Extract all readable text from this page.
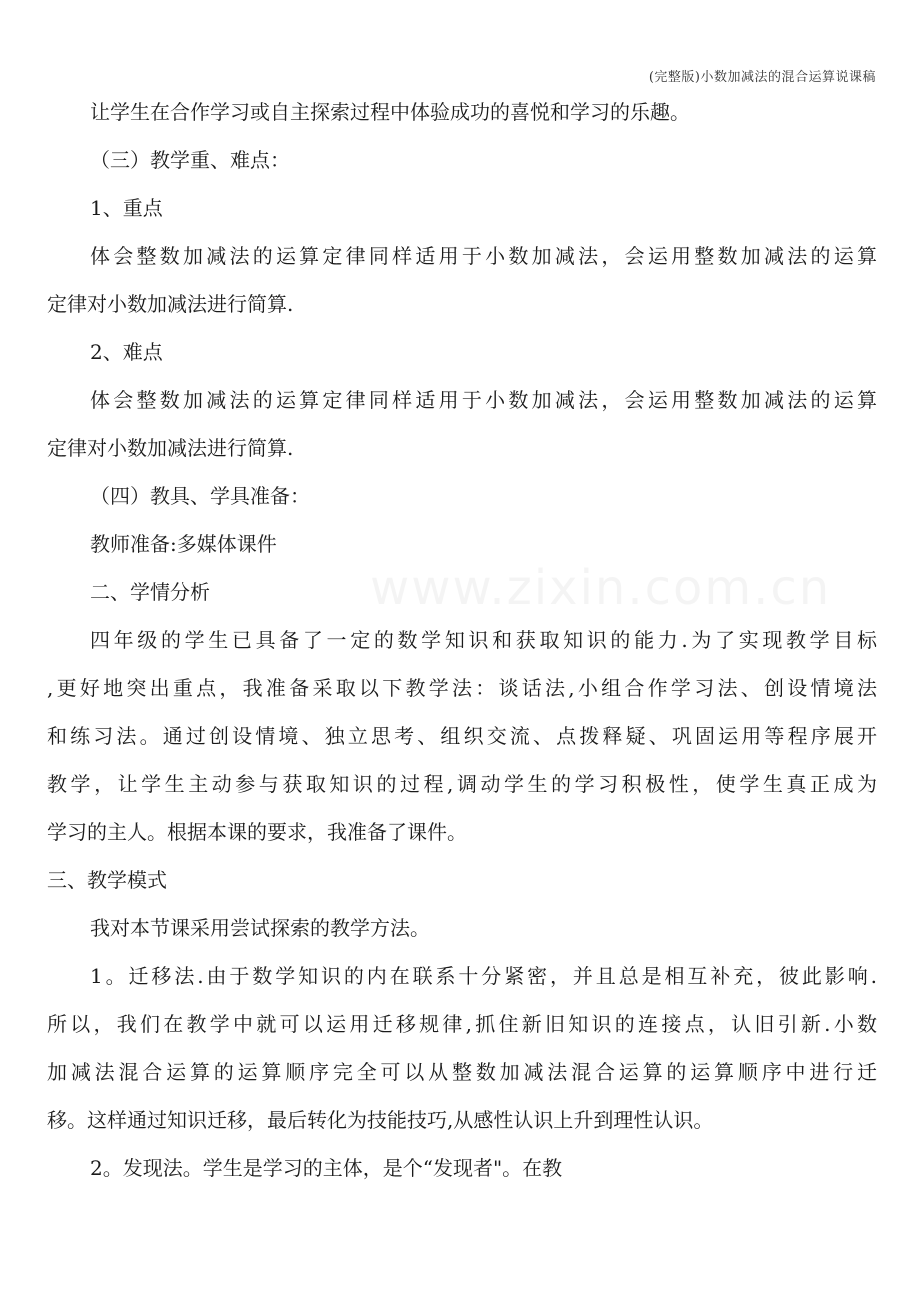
(完整版)小数加减法的混合运算说课稿
让学生在合作学习或自主探索过程中体验成功的喜悦和学习的乐趣。
（三）教学重、难点：
1、重点
体会整数加减法的运算定律同样适用于小数加减法，会运用整数加减法的运算
定律对小数加减法进行简算.
2、难点
体会整数加减法的运算定律同样适用于小数加减法，会运用整数加减法的运算
定律对小数加减法进行简算.
（四）教具、学具准备：
教师准备:多媒体课件
二、学情分析
四年级的学生已具备了一定的数学知识和获取知识的能力.为了实现教学目标
,更好地突出重点，我准备采取以下教学法：谈话法,小组合作学习法、创设情境法
和练习法。通过创设情境、独立思考、组织交流、点拨释疑、巩固运用等程序展开
教学，让学生主动参与获取知识的过程,调动学生的学习积极性，使学生真正成为
学习的主人。根据本课的要求，我准备了课件。
三、教学模式
我对本节课采用尝试探索的教学方法。
1。迁移法.由于数学知识的内在联系十分紧密，并且总是相互补充，彼此影响.
所以，我们在教学中就可以运用迁移规律,抓住新旧知识的连接点，认旧引新.小数
加减法混合运算的运算顺序完全可以从整数加减法混合运算的运算顺序中进行迁
移。这样通过知识迁移，最后转化为技能技巧,从感性认识上升到理性认识。
2。发现法。学生是学习的主体，是个“发现者"。在教
